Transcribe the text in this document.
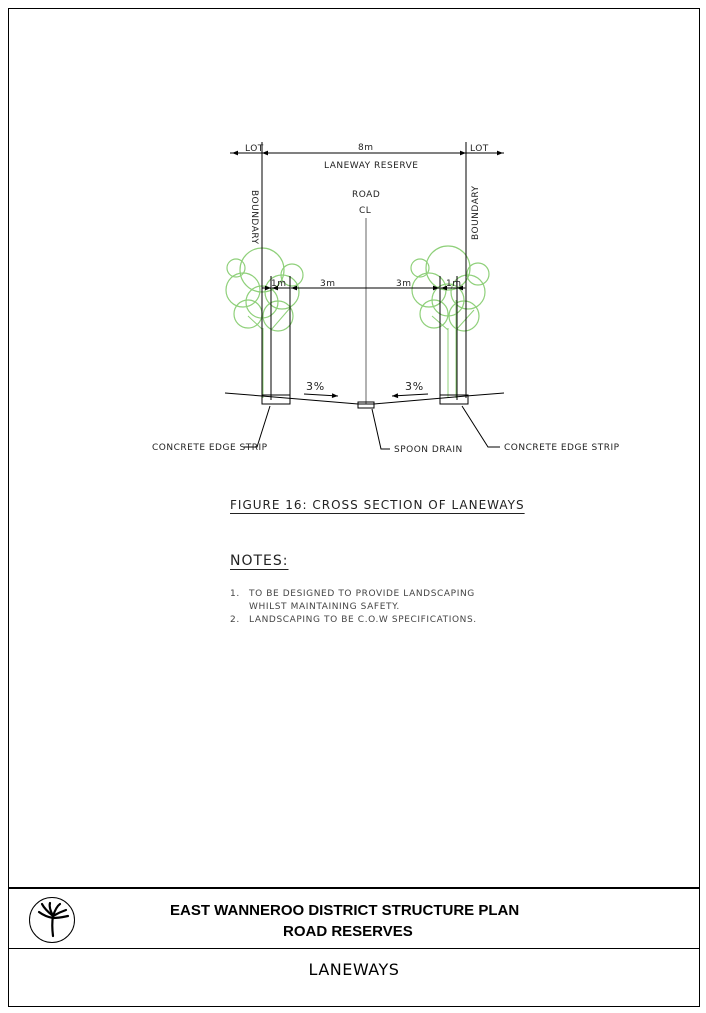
LOT	LOT
8m
LANEWAY RESERVE
BOUNDARY	BOUNDARY
ROAD
CL
1m	3m	3m	1m
3%	3%
CONCRETE EDGE STRIP	SPOON DRAIN	CONCRETE EDGE STRIP
FIGURE 16: CROSS SECTION OF LANEWAYS
NOTES:
1.	TO BE DESIGNED TO PROVIDE LANDSCAPING WHILST MAINTAINING SAFETY.
2.	LANDSCAPING TO BE C.O.W SPECIFICATIONS.
EAST WANNEROO DISTRICT STRUCTURE PLAN
ROAD RESERVES
LANEWAYS
